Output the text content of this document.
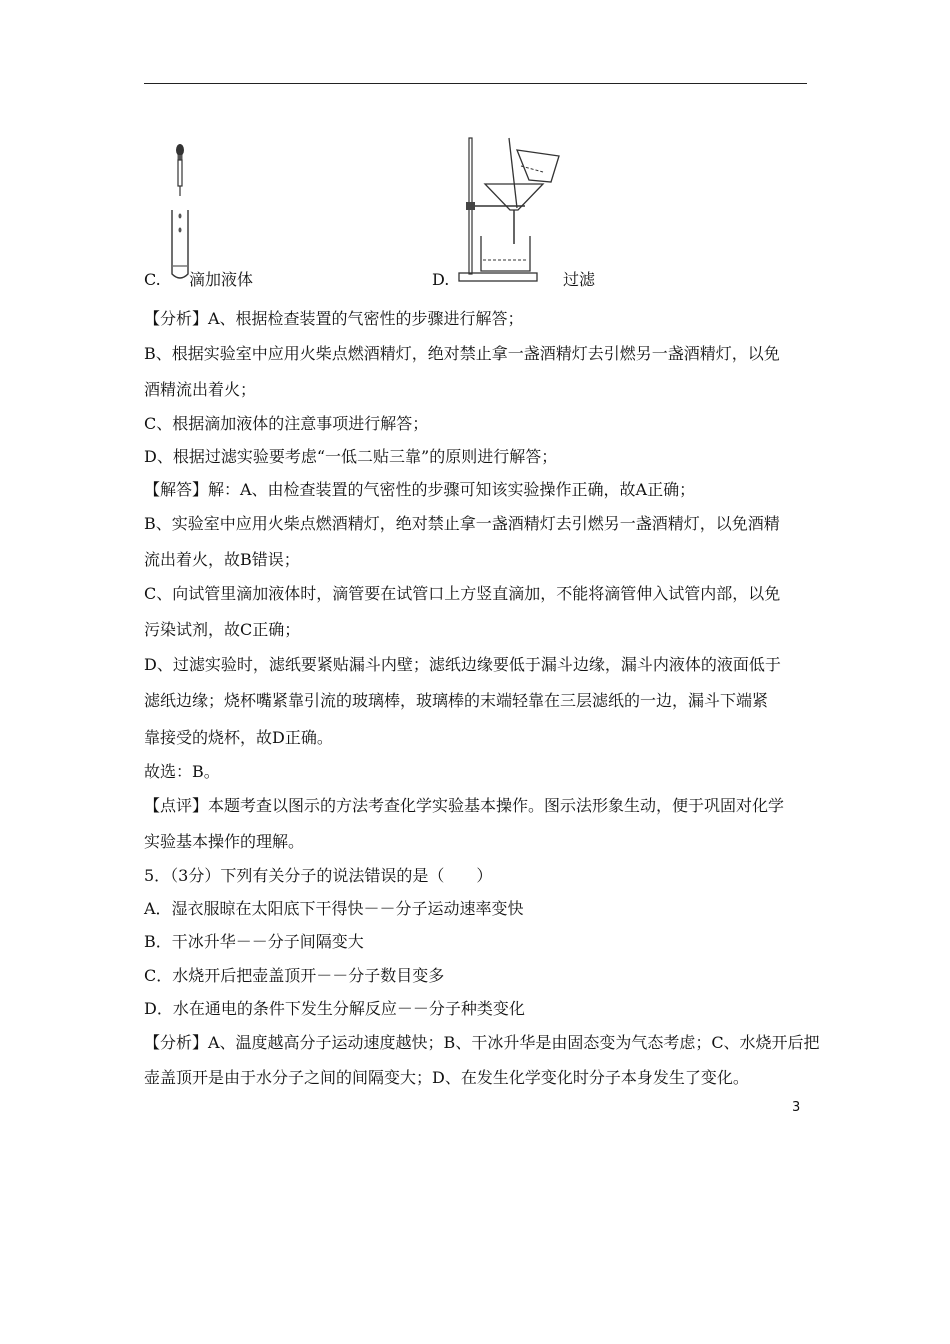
C. 滴加液体	D.	过滤
【分析】A、根据检查装置的气密性的步骤进行解答；
B、根据实验室中应用火柴点燃酒精灯，绝对禁止拿一盏酒精灯去引燃另一盏酒精灯，以免
酒精流出着火；
C、根据滴加液体的注意事项进行解答；
D、根据过滤实验要考虑“一低二贴三靠”的原则进行解答；
【解答】解：A、由检查装置的气密性的步骤可知该实验操作正确，故A正确；
B、实验室中应用火柴点燃酒精灯，绝对禁止拿一盏酒精灯去引燃另一盏酒精灯，以免酒精
流出着火，故B错误；
C、向试管里滴加液体时，滴管要在试管口上方竖直滴加，不能将滴管伸入试管内部，以免
污染试剂，故C正确；
D、过滤实验时，滤纸要紧贴漏斗内壁；滤纸边缘要低于漏斗边缘，漏斗内液体的液面低于
滤纸边缘；烧杯嘴紧靠引流的玻璃棒，玻璃棒的末端轻靠在三层滤纸的一边，漏斗下端紧
靠接受的烧杯，故D正确。
故选：B。
【点评】本题考查以图示的方法考查化学实验基本操作。图示法形象生动，便于巩固对化学
实验基本操作的理解。
5．（3分）下列有关分子的说法错误的是（　　）
A．湿衣服晾在太阳底下干得快－－分子运动速率变快
B．干冰升华－－分子间隔变大
C．水烧开后把壶盖顶开－－分子数目变多
D．水在通电的条件下发生分解反应－－分子种类变化
【分析】A、温度越高分子运动速度越快；B、干冰升华是由固态变为气态考虑；C、水烧开后把
壶盖顶开是由于水分子之间的间隔变大；D、在发生化学变化时分子本身发生了变化。
3
